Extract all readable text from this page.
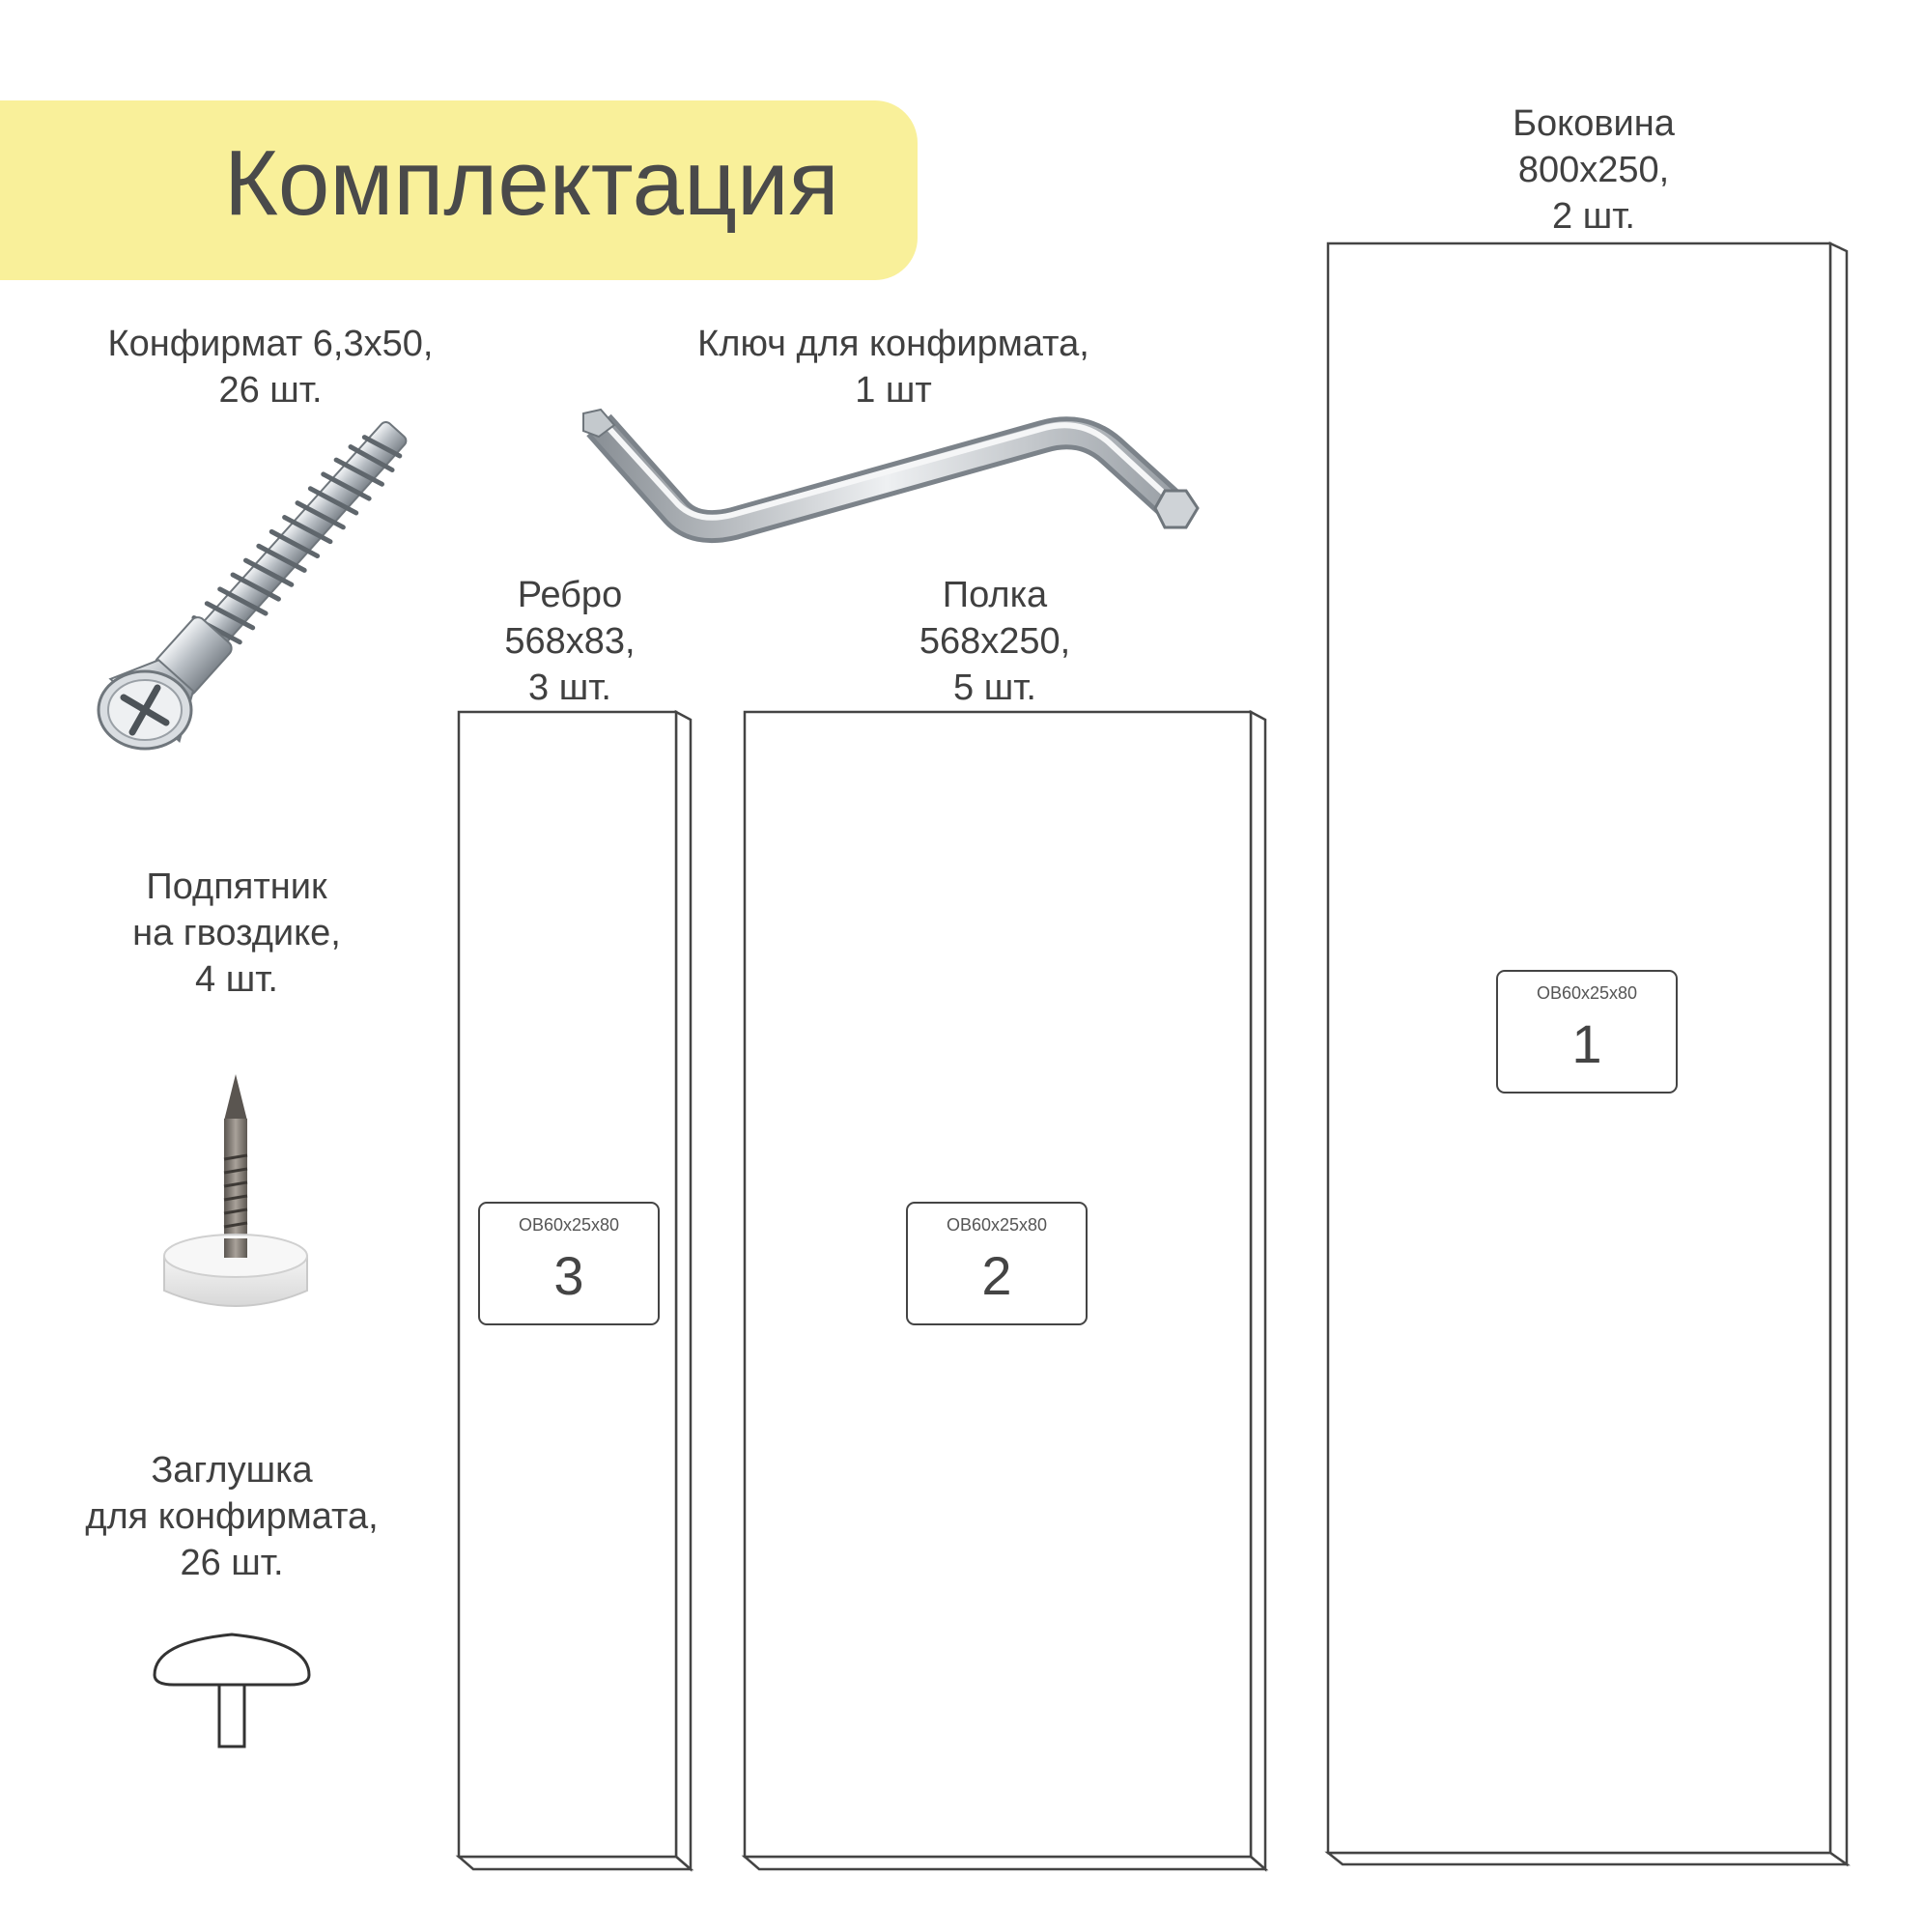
Комплектация
Конфирмат 6,3х50,
26 шт.
Ключ для конфирмата,
1 шт
Подпятник
на гвоздике,
4 шт.
Заглушка
для конфирмата,
26 шт.
Боковина
800х250,
2 шт.
Полка
568х250,
5 шт.
Ребро
568х83,
3 шт.
ОВ60х25х80
1
ОВ60х25х80
2
ОВ60х25х80
3
